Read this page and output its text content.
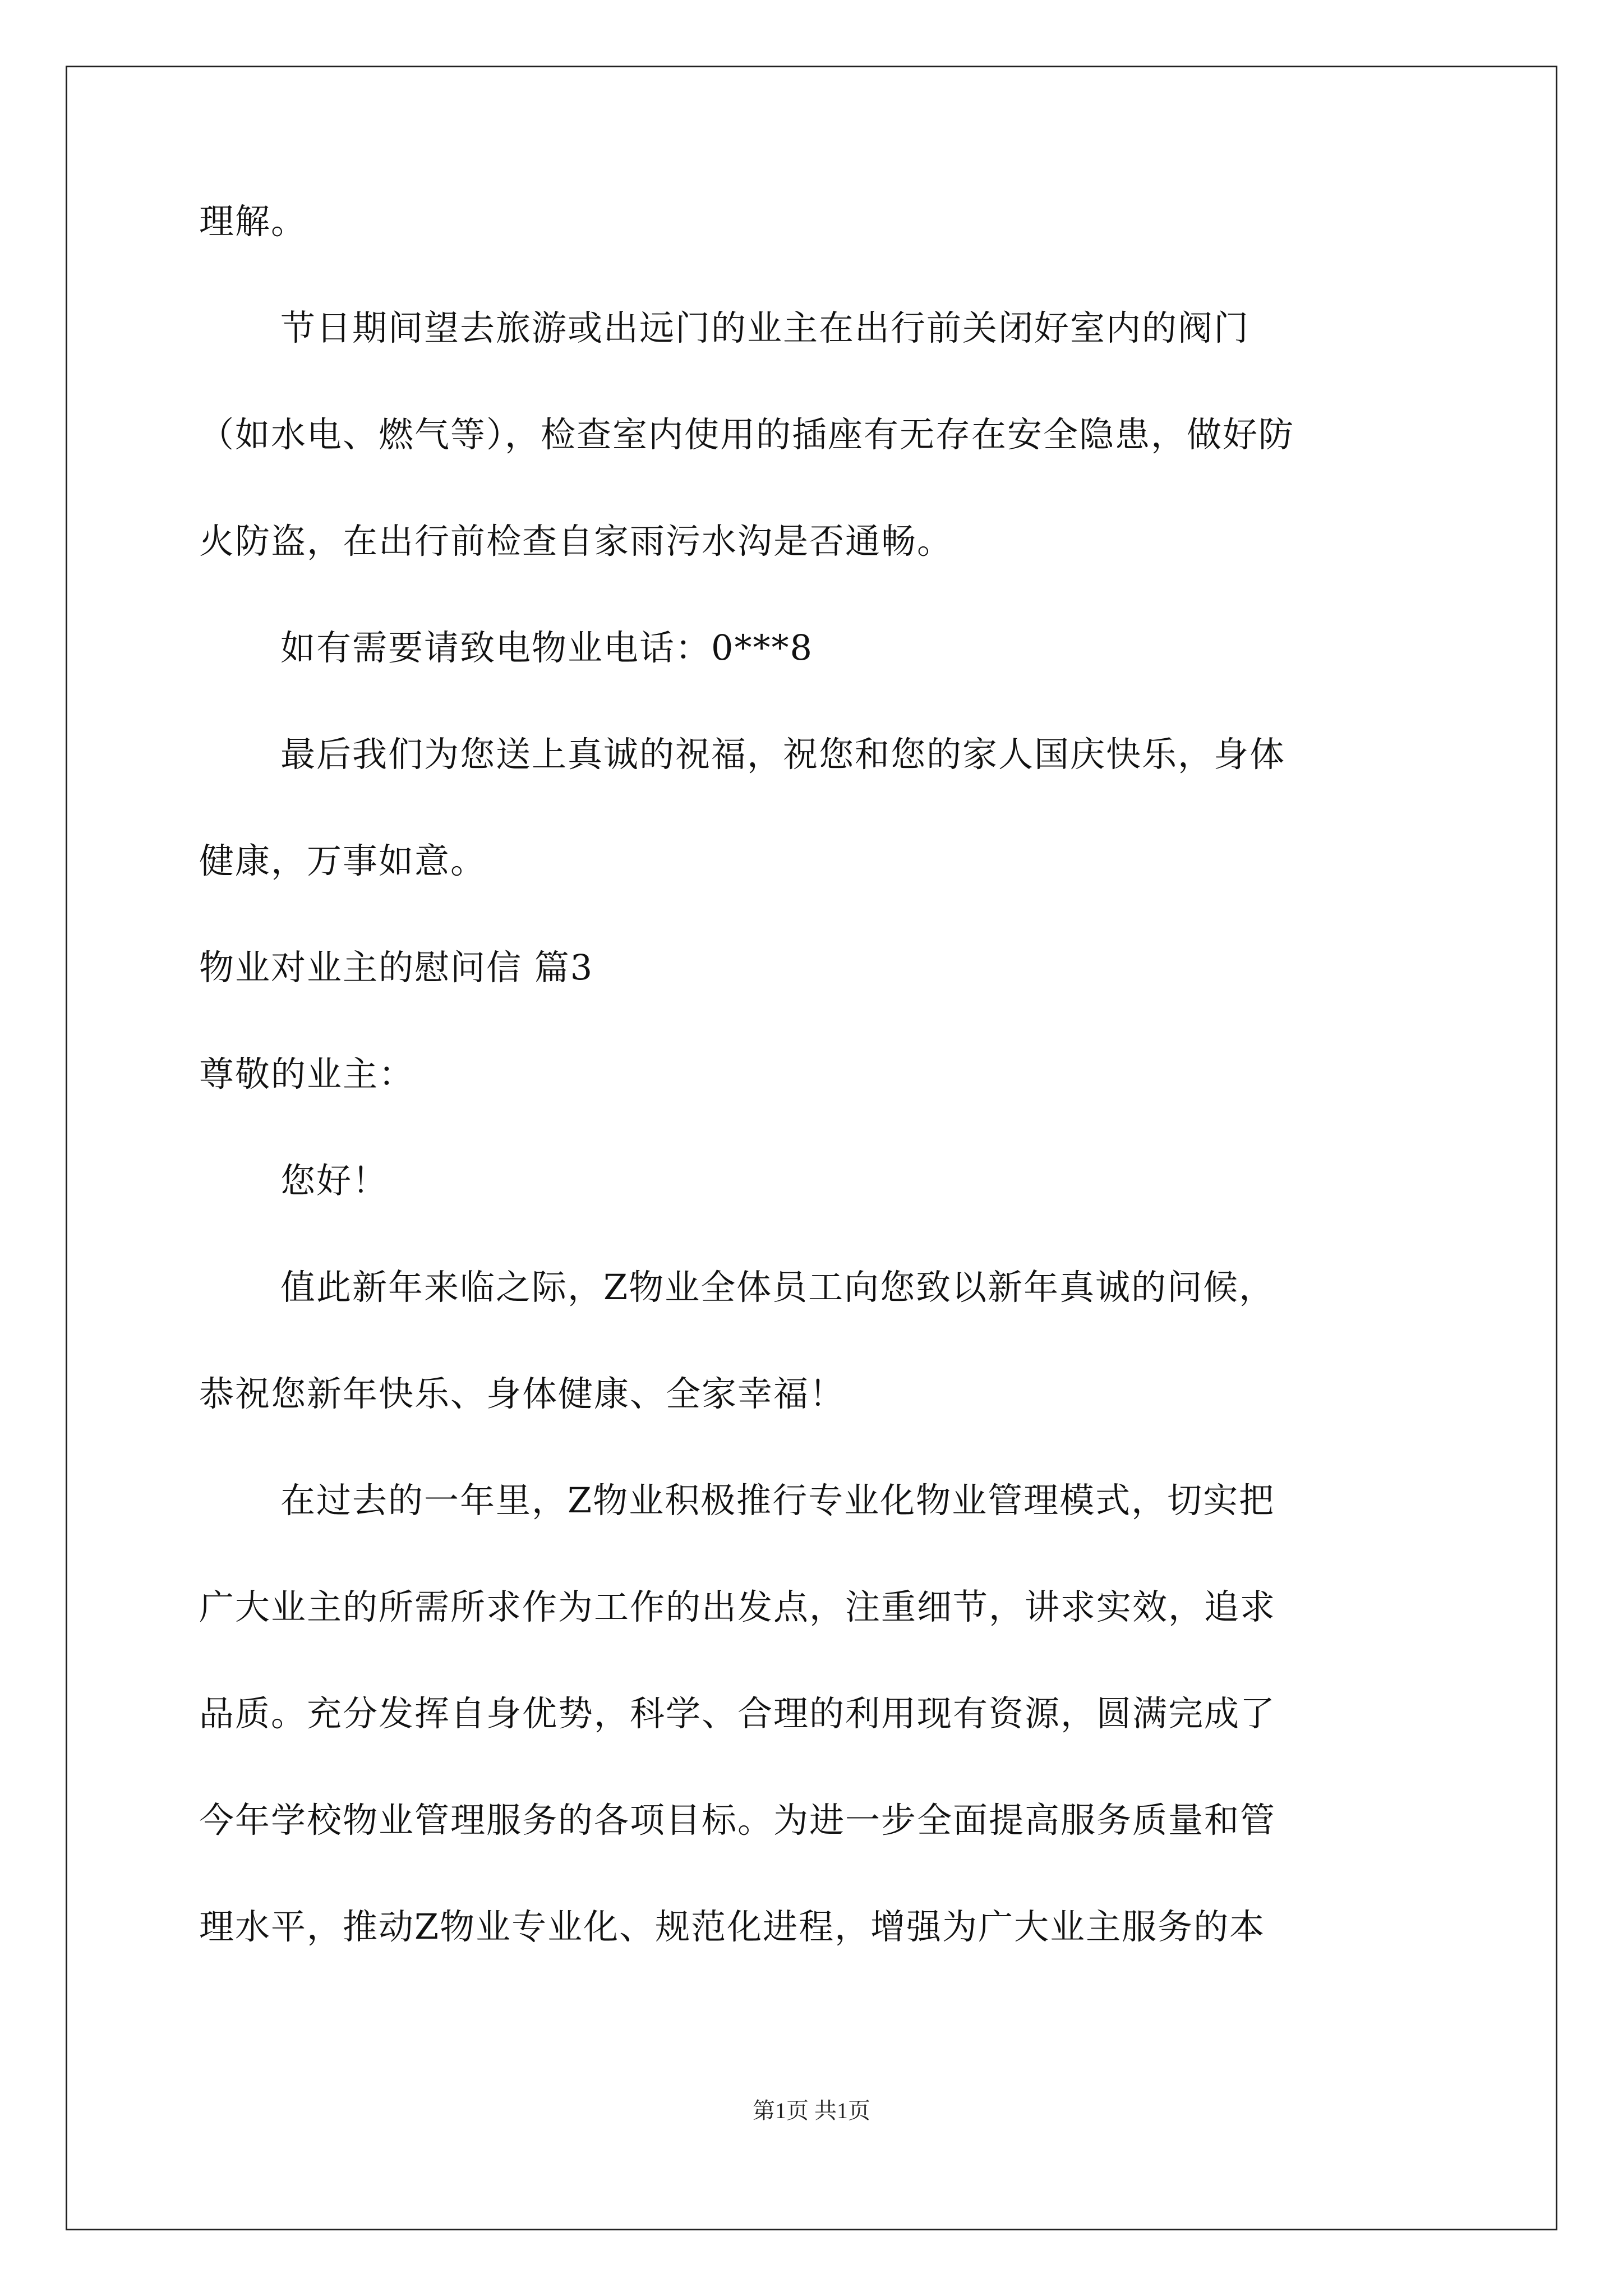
理解。
节日期间望去旅游或出远门的业主在出行前关闭好室内的阀门
（如水电、燃气等），检查室内使用的插座有无存在安全隐患，做好防
火防盗，在出行前检查自家雨污水沟是否通畅。
如有需要请致电物业电话：0***8
最后我们为您送上真诚的祝福，祝您和您的家人国庆快乐，身体
健康，万事如意。
物业对业主的慰问信 篇3
尊敬的业主：
您好！
值此新年来临之际，Z物业全体员工向您致以新年真诚的问候，
恭祝您新年快乐、身体健康、全家幸福！
在过去的一年里，Z物业积极推行专业化物业管理模式，切实把
广大业主的所需所求作为工作的出发点，注重细节，讲求实效，追求
品质。充分发挥自身优势，科学、合理的利用现有资源，圆满完成了
今年学校物业管理服务的各项目标。为进一步全面提高服务质量和管
理水平，推动Z物业专业化、规范化进程，增强为广大业主服务的本
第1页 共1页
